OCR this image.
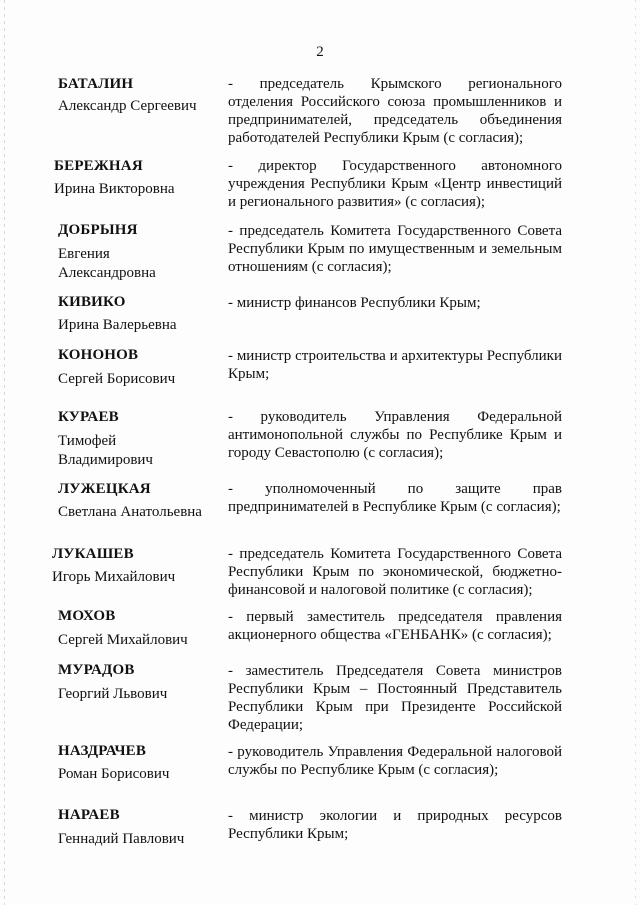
2
БАТАЛИН
Александр Сергеевич
- председатель Крымского регионального отделения Российского союза промышленников и предпринимателей, председатель объединения работодателей Республики Крым (с согласия);
БЕРЕЖНАЯ
Ирина Викторовна
- директор Государственного автономного учреждения Республики Крым «Центр инвестиций и регионального развития» (с согласия);
ДОБРЫНЯ
Евгения
Александровна
- председатель Комитета Государственного Совета Республики Крым по имущественным и земельным отношениям (с согласия);
КИВИКО
Ирина Валерьевна
- министр финансов Республики Крым;
КОНОНОВ
Сергей Борисович
- министр строительства и архитектуры Республики Крым;
КУРАЕВ
Тимофей
Владимирович
- руководитель Управления Федеральной антимонопольной службы по Республике Крым и городу Севастополю (с согласия);
ЛУЖЕЦКАЯ
Светлана Анатольевна
- уполномоченный по защите прав предпринимателей в Республике Крым (с согласия);
ЛУКАШЕВ
Игорь Михайлович
- председатель Комитета Государственного Совета Республики Крым по экономической, бюджетно-финансовой и налоговой политике (с согласия);
МОХОВ
Сергей Михайлович
- первый заместитель председателя правления акционерного общества «ГЕНБАНК» (с согласия);
МУРАДОВ
Георгий Львович
- заместитель Председателя Совета министров Республики Крым – Постоянный Представитель Республики Крым при Президенте Российской Федерации;
НАЗДРАЧЕВ
Роман Борисович
- руководитель Управления Федеральной налоговой службы по Республике Крым (с согласия);
НАРАЕВ
Геннадий Павлович
- министр экологии и природных ресурсов Республики Крым;
